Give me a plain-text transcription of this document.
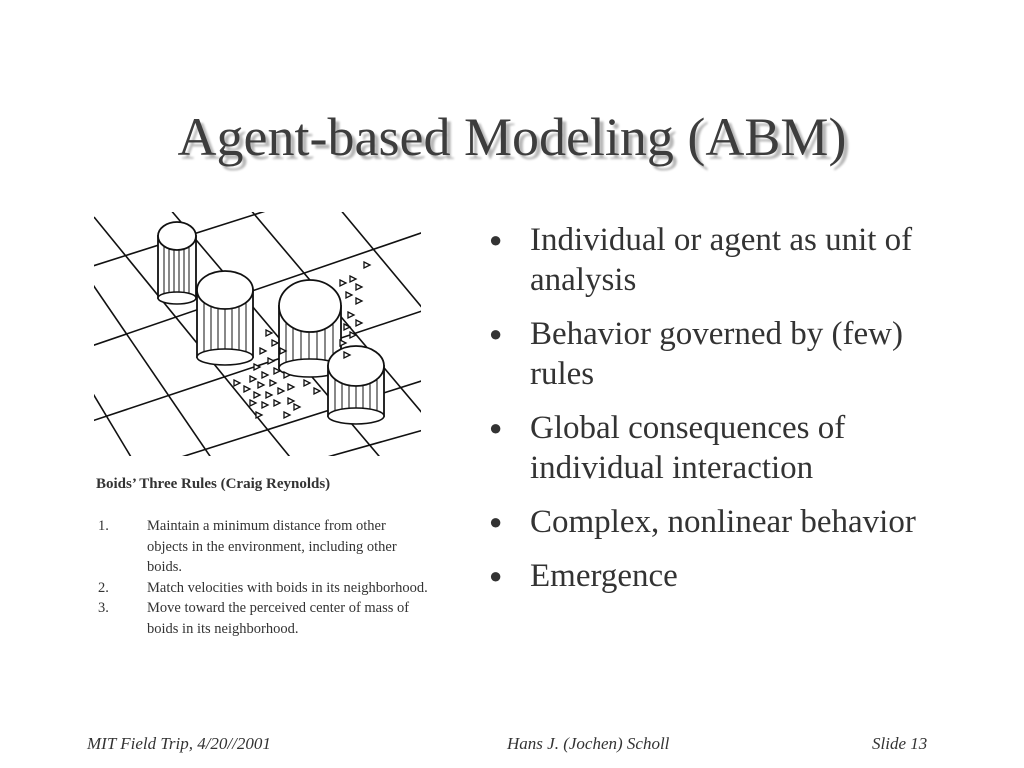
Agent-based Modeling (ABM)
Boids’ Three Rules (Craig Reynolds)
1.	Maintain a minimum distance from other objects in the environment, including other boids.
2.	Match velocities with boids in its neighborhood.
3.	Move toward the perceived center of mass of boids in its neighborhood.
● Individual or agent as unit of analysis
● Behavior governed by (few) rules
● Global consequences of individual interaction
● Complex, nonlinear behavior
● Emergence
MIT Field Trip, 4/20//2001	Hans J. (Jochen) Scholl	Slide 13
